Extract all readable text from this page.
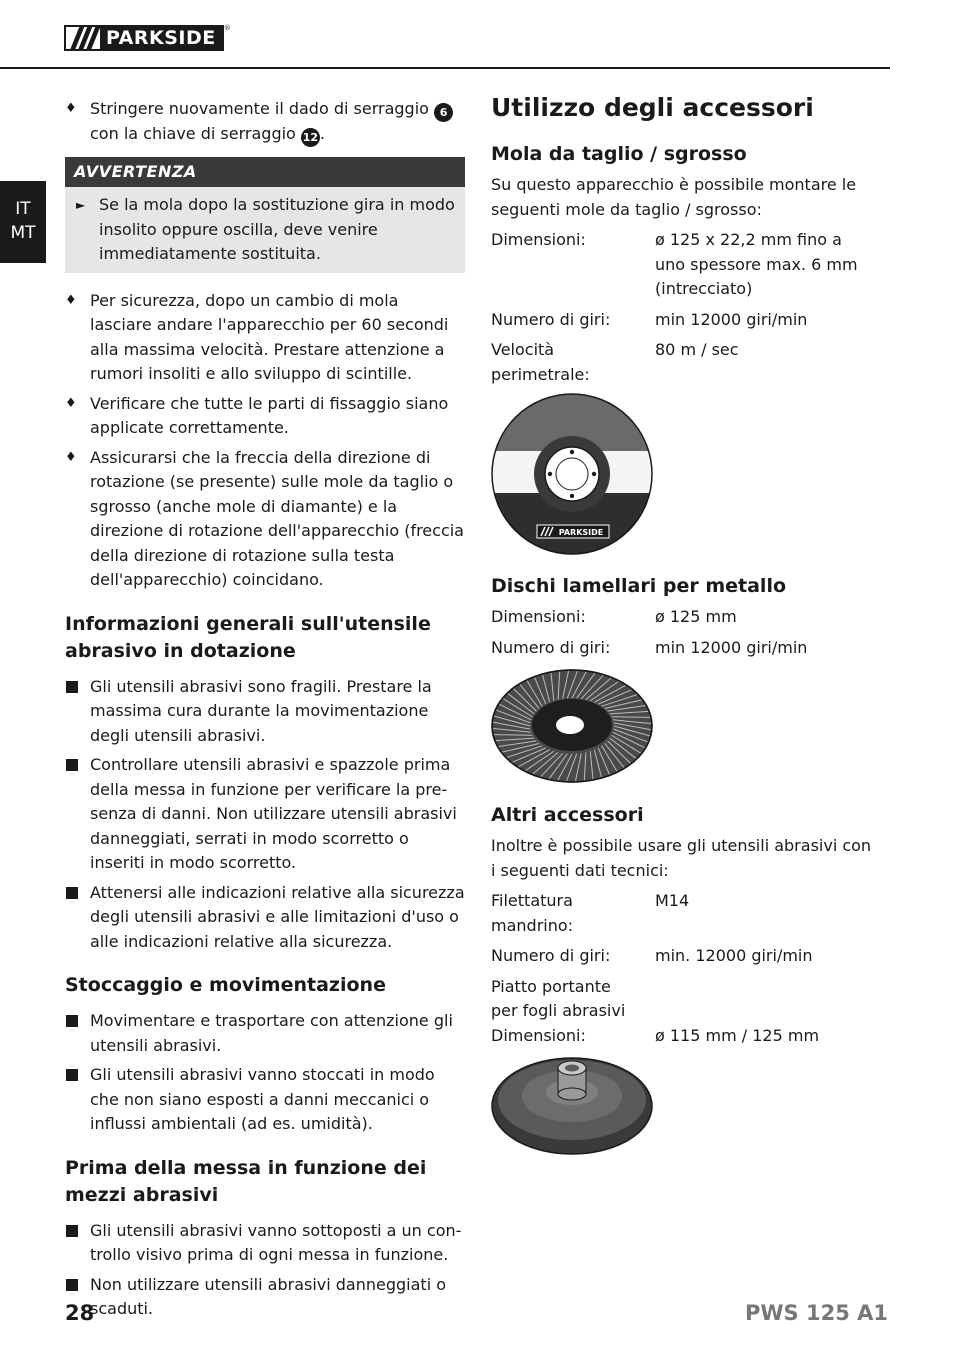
PARKSIDE	®
IT
MT
♦ Stringere nuovamente il dado di serraggio 6 con la chiave di serraggio 12 .
AVVERTENZA
► Se la mola dopo la sostituzione gira in modo insolito oppure oscilla, deve venire immediatamente sostituita.
♦ Per sicurezza, dopo un cambio di mola lasciare andare l'apparecchio per 60 secondi alla massima velocità. Prestare attenzione a rumori insoliti e allo sviluppo di scintille.
♦ Verificare che tutte le parti di fissaggio siano applicate correttamente.
♦ Assicurarsi che la freccia della direzione di rotazione (se presente) sulle mole da taglio o sgrosso (anche mole di diamante) e la direzione di rotazione dell'apparecchio (freccia della direzione di rotazione sulla testa dell'apparecchio) coincidano.
Informazioni generali sull'utensile abrasivo in dotazione
Gli utensili abrasivi sono fragili. Prestare la massima cura durante la movimentazione degli utensili abrasivi.
Controllare utensili abrasivi e spazzole prima della messa in funzione per verificare la presenza di danni. Non utilizzare utensili abrasivi danneggiati, serrati in modo scorretto o inseriti in modo scorretto.
Attenersi alle indicazioni relative alla sicurezza degli utensili abrasivi e alle limitazioni d'uso o alle indicazioni relative alla sicurezza.
Stoccaggio e movimentazione
Movimentare e trasportare con attenzione gli utensili abrasivi.
Gli utensili abrasivi vanno stoccati in modo che non siano esposti a danni meccanici o influssi ambientali (ad es. umidità).
Prima della messa in funzione dei mezzi abrasivi
Gli utensili abrasivi vanno sottoposti a un controllo visivo prima di ogni messa in funzione.
Non utilizzare utensili abrasivi danneggiati o scaduti.
Utilizzo degli accessori
Mola da taglio / sgrosso

Su questo apparecchio è possibile montare le seguenti mole da taglio / sgrosso:

Dimensioni:	ø 125 x 22,2 mm fino a uno spessore max. 6 mm (intrecciato)
Numero di giri:	min 12000 giri/min
Velocità perimetrale:
80 m / sec
PARKSIDE
Dischi lamellari per metallo
Dimensioni:	ø 125 mm
Numero di giri:	min 12000 giri/min
Altri accessori

Inoltre è possibile usare gli utensili abrasivi con i seguenti dati tecnici:

Filettatura mandrino:
M14
Numero di giri:	min. 12000 giri/min
Piatto portante per fogli abrasivi
Dimensioni:	ø 115 mm / 125 mm
28	PWS 125 A1
